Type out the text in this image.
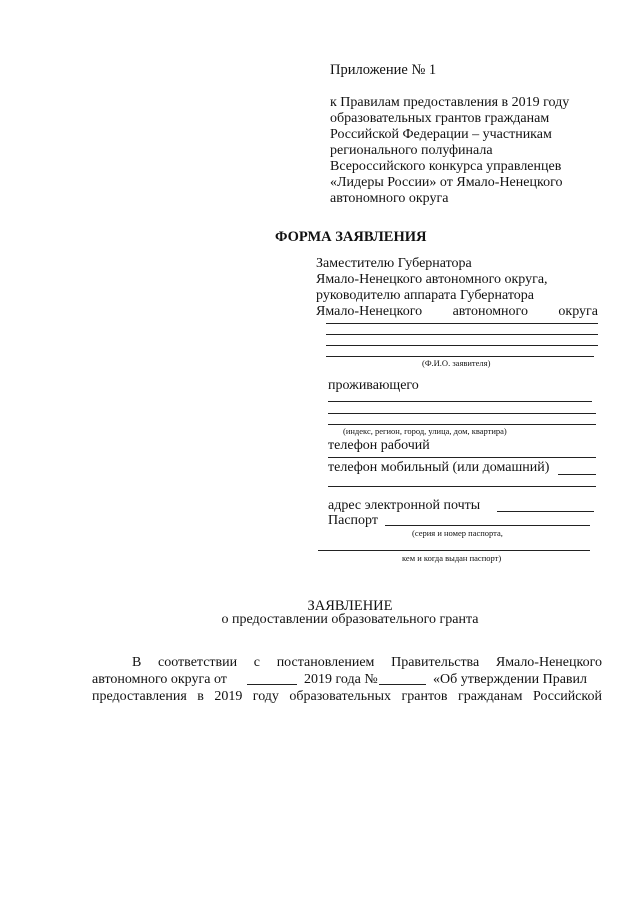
Приложение № 1
к Правилам предоставления в 2019 году
образовательных грантов гражданам
Российской Федерации – участникам
регионального полуфинала
Всероссийского конкурса управленцев
«Лидеры России» от Ямало-Ненецкого
автономного округа
ФОРМА ЗАЯВЛЕНИЯ
Заместителю Губернатора
Ямало-Ненецкого автономного округа,
руководителю аппарата Губернатора
Ямало-Ненецкого автономного округа
(Ф.И.О. заявителя)
проживающего
(индекс, регион, город, улица, дом, квартира)
телефон рабочий
телефон мобильный (или домашний)
адрес электронной почты
Паспорт
(серия и номер паспорта,
кем и когда выдан паспорт)
ЗАЯВЛЕНИЕ
о предоставлении образовательного гранта
В соответствии с постановлением Правительства Ямало-Ненецкого
автономного округа от	2019 года №	«Об утверждении Правил
предоставления в 2019 году образовательных грантов гражданам Российской
